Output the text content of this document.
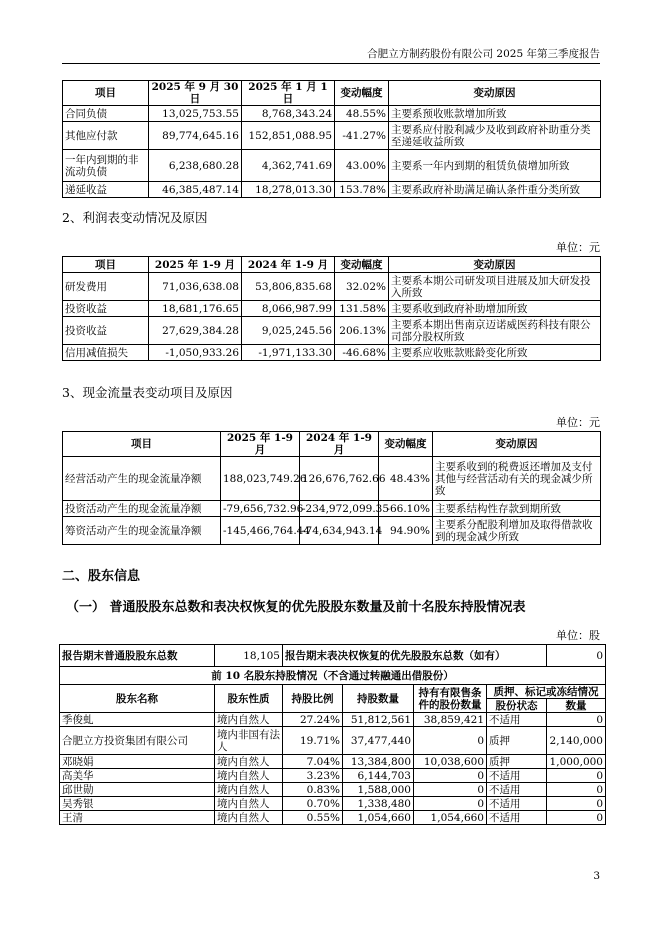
合肥立方制药股份有限公司 2025 年第三季度报告
项目	2025 年 9 月 30 日	2025 年 1 月 1 日	变动幅度	变动原因
合同负债	13,025,753.55	8,768,343.24	48.55%	主要系预收账款增加所致
其他应付款	89,774,645.16	152,851,088.95	-41.27%	主要系应付股利减少及收到政府补助重分类至递延收益所致
一年内到期的非流动负债	6,238,680.28	4,362,741.69	43.00%	主要系一年内到期的租赁负债增加所致
递延收益	46,385,487.14	18,278,013.30	153.78%	主要系政府补助满足确认条件重分类所致
2、利润表变动情况及原因
单位：元
项目	2025 年 1-9 月	2024 年 1-9 月	变动幅度	变动原因
研发费用	71,036,638.08	53,806,835.68	32.02%	主要系本期公司研发项目进展及加大研发投入所致
投资收益	18,681,176.65	8,066,987.99	131.58%	主要系收到政府补助增加所致
投资收益	27,629,384.28	9,025,245.56	206.13%	主要系本期出售南京迈诺威医药科技有限公司部分股权所致
信用减值损失	-1,050,933.26	-1,971,133.30	-46.68%	主要系应收账款账龄变化所致
3、现金流量表变动项目及原因
单位：元
项目	2025 年 1-9 月	2024 年 1-9 月	变动幅度	变动原因
经营活动产生的现金流量净额	188,023,749.26	126,676,762.66	48.43%	主要系收到的税费返还增加及支付其他与经营活动有关的现金减少所致
投资活动产生的现金流量净额	-79,656,732.96	-234,972,099.35	-66.10%	主要系结构性存款到期所致
筹资活动产生的现金流量净额	-145,466,764.44	-74,634,943.14	94.90%	主要系分配股利增加及取得借款收到的现金减少所致
二、股东信息
（一） 普通股股东总数和表决权恢复的优先股股东数量及前十名股东持股情况表
单位：股
报告期末普通股股东总数	18,105	报告期末表决权恢复的优先股股东总数（如有）				0
前 10 名股东持股情况（不含通过转融通出借股份）						
股东名称	股东性质	持股比例	持股数量	持有有限售条件的股份数量	质押、标记或冻结情况	
					股份状态	数量
季俊虬	境内自然人	27.24%	51,812,561	38,859,421	不适用	0
合肥立方投资集团有限公司	境内非国有法人	19.71%	37,477,440	0	质押	2,140,000
邓晓娟	境内自然人	7.04%	13,384,800	10,038,600	质押	1,000,000
高美华	境内自然人	3.23%	6,144,703	0	不适用	0
邱世勋	境内自然人	0.83%	1,588,000	0	不适用	0
吴秀银	境内自然人	0.70%	1,338,480	0	不适用	0
王清	境内自然人	0.55%	1,054,660	1,054,660	不适用	0
3
